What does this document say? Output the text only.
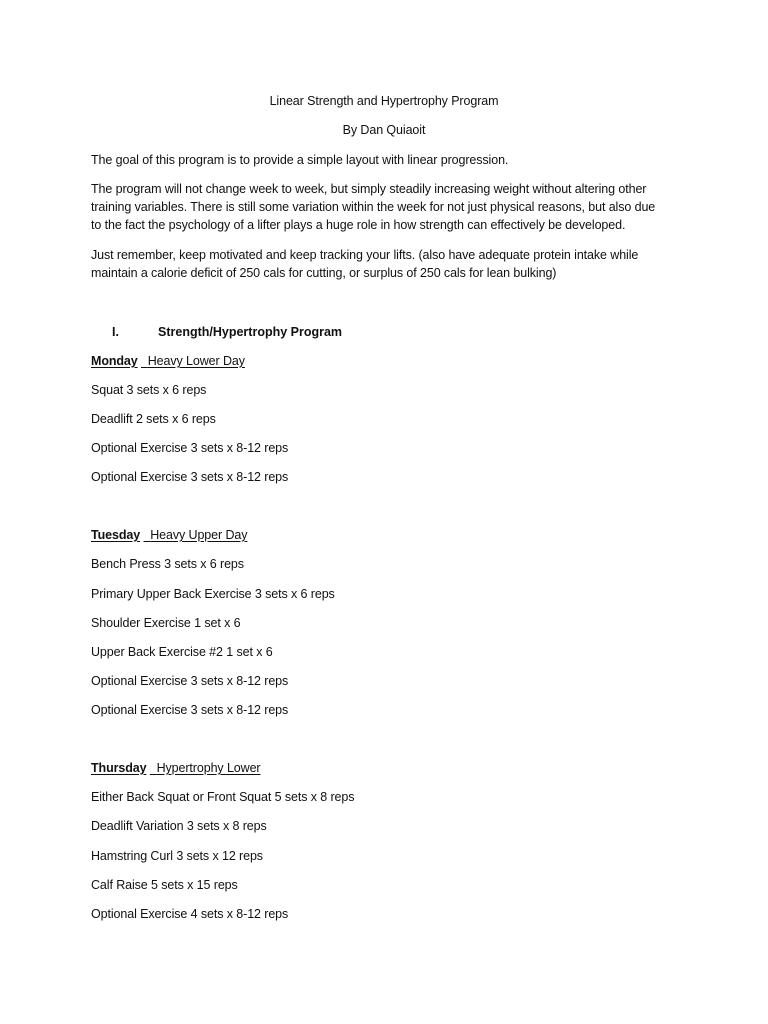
Linear Strength and Hypertrophy Program
By Dan Quiaoit
The goal of this program is to provide a simple layout with linear progression.
The program will not change week to week, but simply steadily increasing weight without altering other
training variables. There is still some variation within the week for not just physical reasons, but also due
to the fact the psychology of a lifter plays a huge role in how strength can effectively be developed.
Just remember, keep motivated and keep tracking your lifts. (also have adequate protein intake while
maintain a calorie deficit of 250 cals for cutting, or surplus of 250 cals for lean bulking)
I.	Strength/Hypertrophy Program
Monday Heavy Lower Day
Squat 3 sets x 6 reps
Deadlift 2 sets x 6 reps
Optional Exercise 3 sets x 8-12 reps
Optional Exercise 3 sets x 8-12 reps
Tuesday Heavy Upper Day
Bench Press 3 sets x 6 reps
Primary Upper Back Exercise 3 sets x 6 reps
Shoulder Exercise 1 set x 6
Upper Back Exercise #2 1 set x 6
Optional Exercise 3 sets x 8-12 reps
Optional Exercise 3 sets x 8-12 reps
Thursday Hypertrophy Lower
Either Back Squat or Front Squat 5 sets x 8 reps
Deadlift Variation 3 sets x 8 reps
Hamstring Curl 3 sets x 12 reps
Calf Raise 5 sets x 15 reps
Optional Exercise 4 sets x 8-12 reps
